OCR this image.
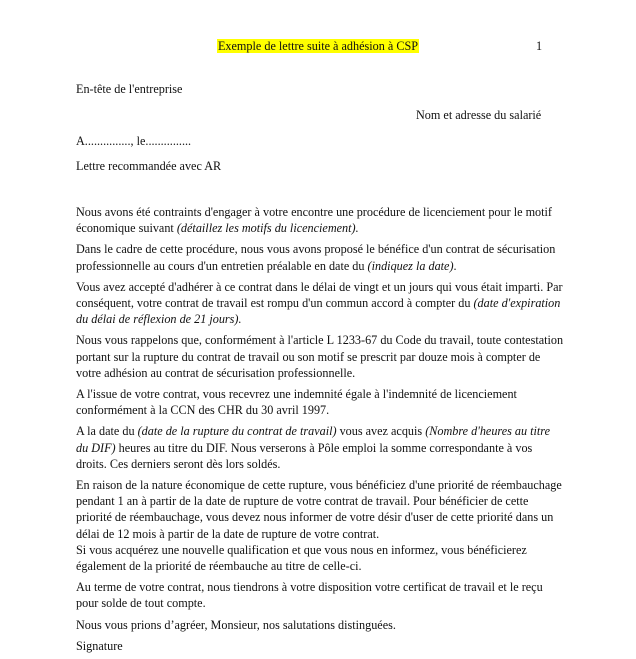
Exemple de lettre suite à adhésion à CSP	1
En-tête de l'entreprise
Nom et adresse du salarié
A..............., le...............
Lettre recommandée avec AR

Nous avons été contraints d'engager à votre encontre une procédure de licenciement pour le motif économique suivant (détaillez les motifs du licenciement).

Dans le cadre de cette procédure, nous vous avons proposé le bénéfice d'un contrat de sécurisation professionnelle au cours d'un entretien préalable en date du (indiquez la date).

Vous avez accepté d'adhérer à ce contrat dans le délai de vingt et un jours qui vous était imparti. Par conséquent, votre contrat de travail est rompu d'un commun accord à compter du (date d'expiration du délai de réflexion de 21 jours).

Nous vous rappelons que, conformément à l'article L 1233-67 du Code du travail, toute contestation portant sur la rupture du contrat de travail ou son motif se prescrit par douze mois à compter de votre adhésion au contrat de sécurisation professionnelle.

A l'issue de votre contrat, vous recevrez une indemnité égale à l'indemnité de licenciement conformément à la CCN des CHR du 30 avril 1997.

A la date du (date de la rupture du contrat de travail) vous avez acquis (Nombre d'heures au titre du DIF) heures au titre du DIF. Nous verserons à Pôle emploi la somme correspondante à vos droits. Ces derniers seront dès lors soldés.

En raison de la nature économique de cette rupture, vous bénéficiez d'une priorité de réembauchage pendant 1 an à partir de la date de rupture de votre contrat de travail. Pour bénéficier de cette priorité de réembauchage, vous devez nous informer de votre désir d'user de cette priorité dans un délai de 12 mois à partir de la date de rupture de votre contrat.

Si vous acquérez une nouvelle qualification et que vous nous en informez, vous bénéficierez également de la priorité de réembauche au titre de celle-ci.

Au terme de votre contrat, nous tiendrons à votre disposition votre certificat de travail et le reçu pour solde de tout compte.

Nous vous prions d’agréer, Monsieur, nos salutations distinguées.

Signature
